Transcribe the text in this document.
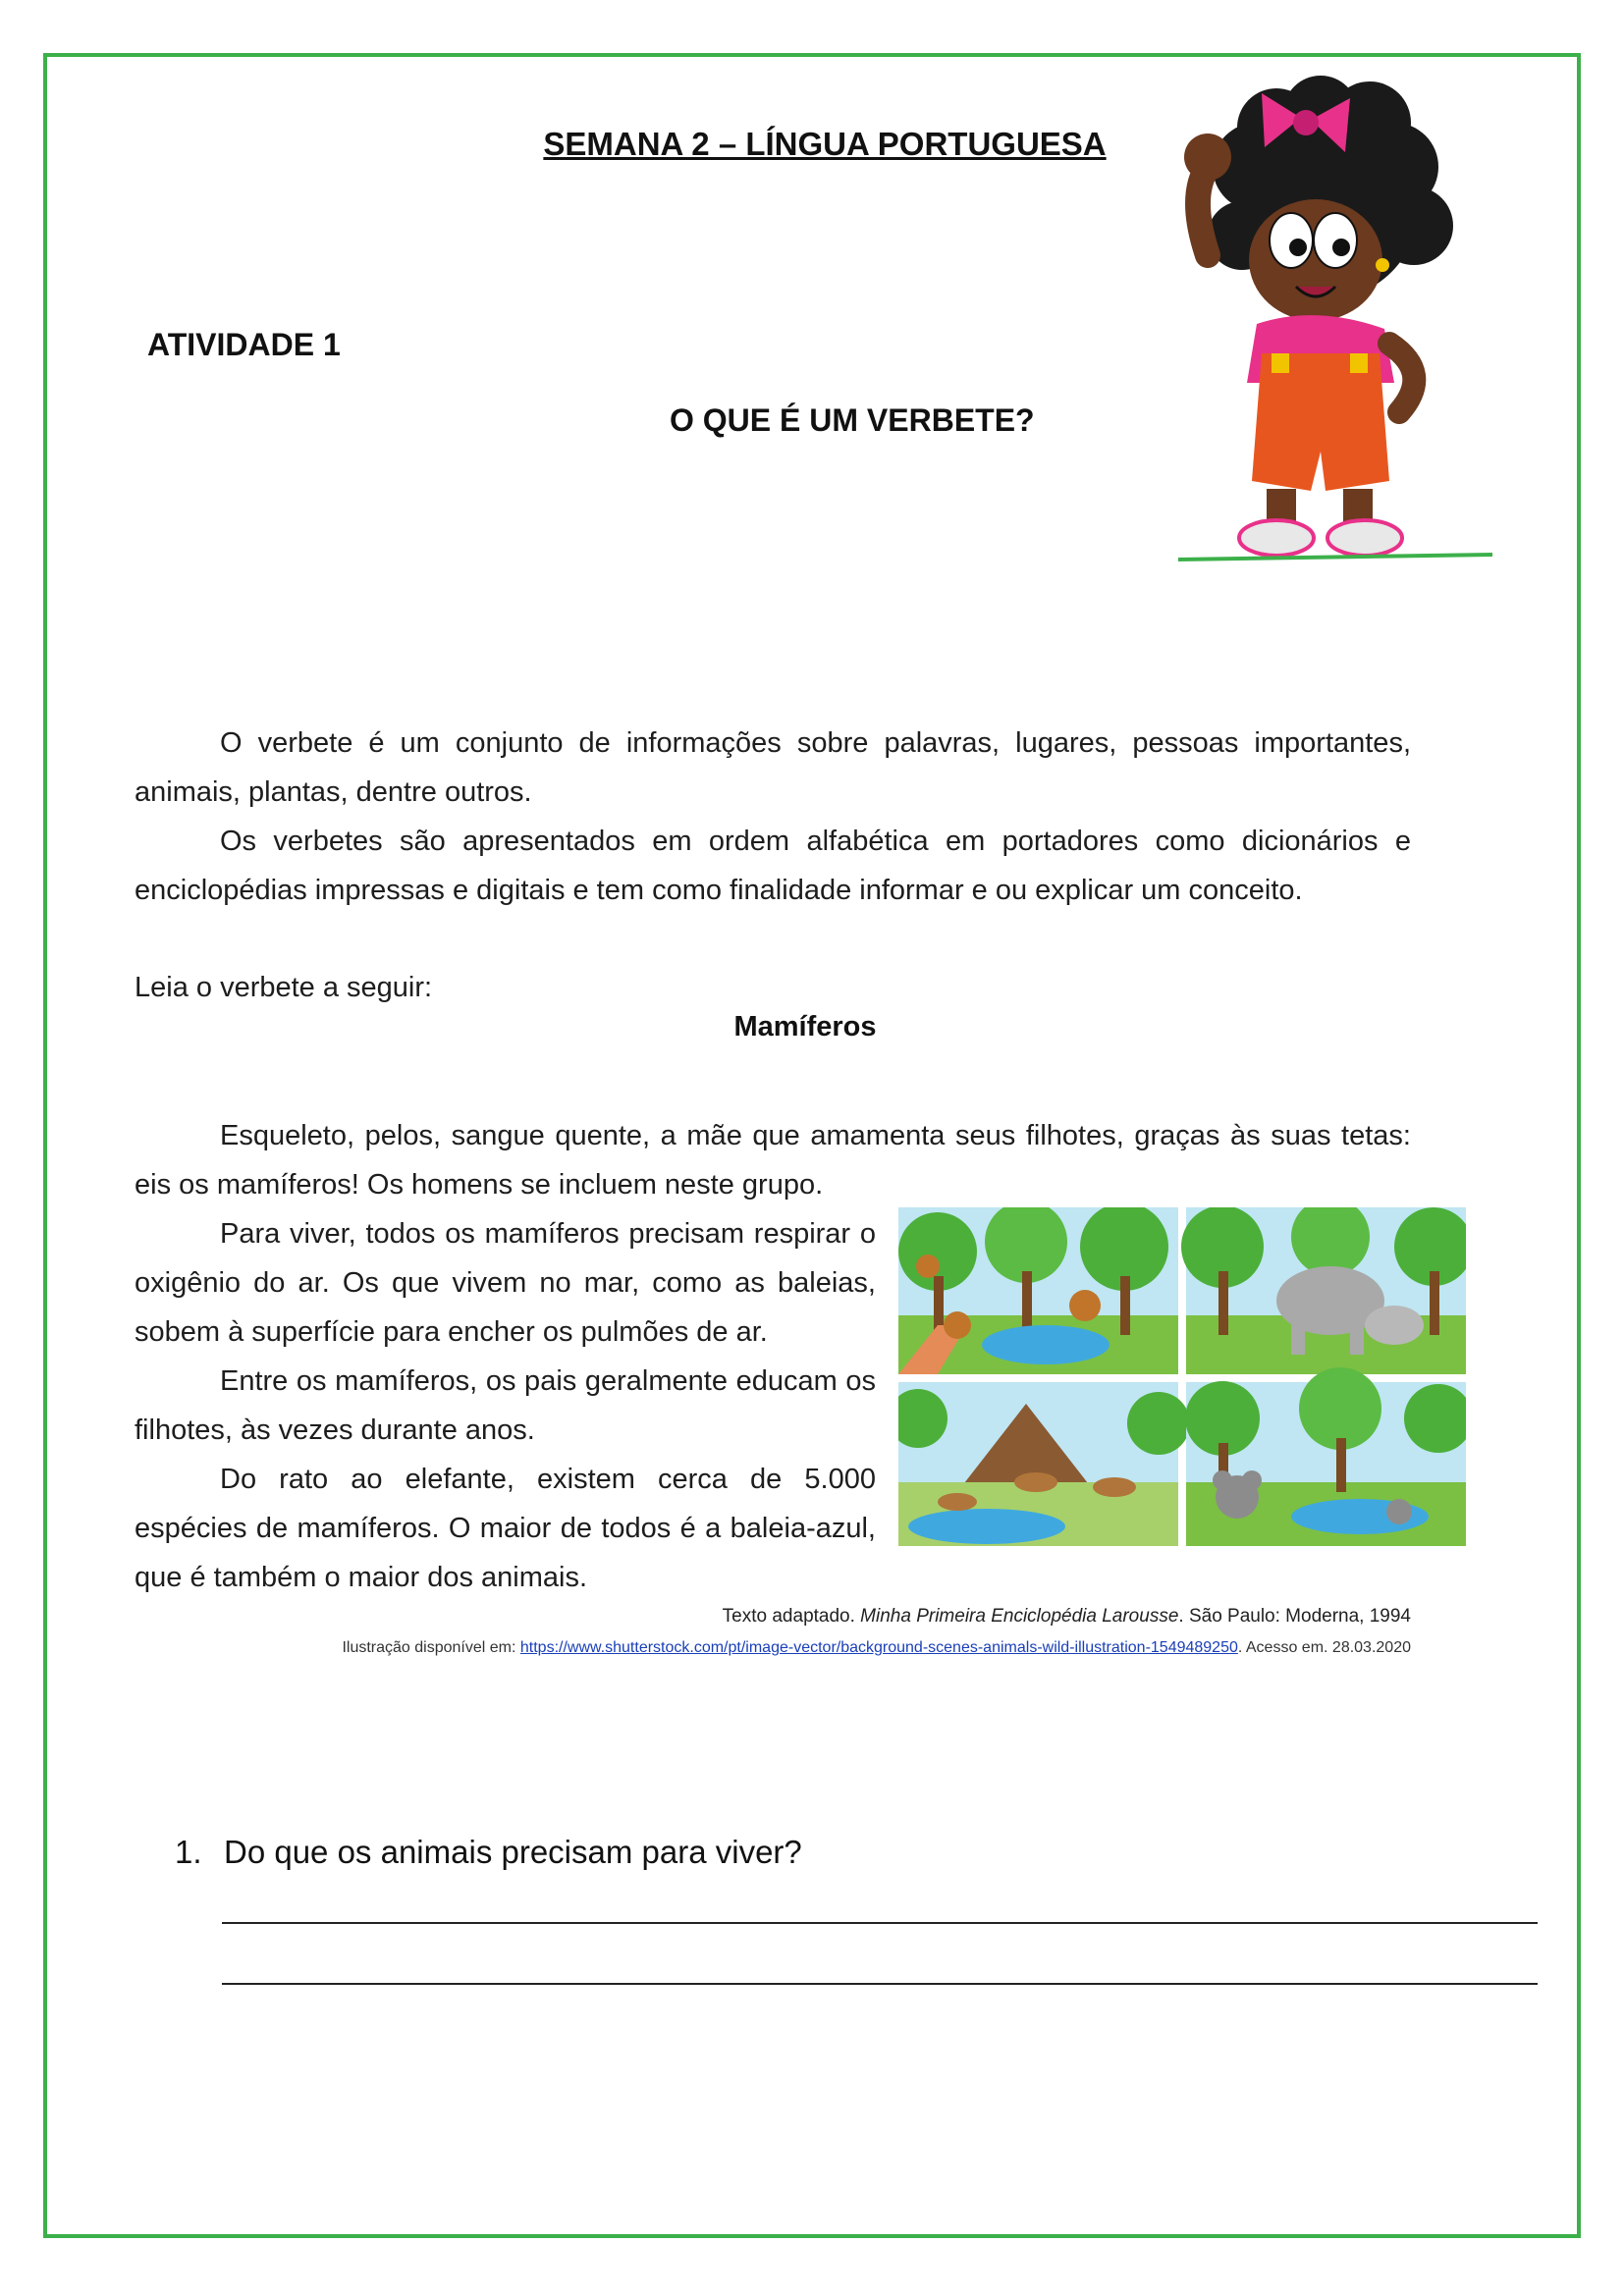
SEMANA 2 – LÍNGUA PORTUGUESA
ATIVIDADE 1
O QUE É UM VERBETE?
O verbete é um conjunto de informações sobre palavras, lugares, pessoas importantes, animais, plantas, dentre outros.
Os verbetes são apresentados em ordem alfabética em portadores como dicionários e enciclopédias impressas e digitais e tem como finalidade informar e ou explicar um conceito.
Leia o verbete a seguir:
Mamíferos
Esqueleto, pelos, sangue quente, a mãe que amamenta seus filhotes, graças às suas tetas: eis os mamíferos! Os homens se incluem neste grupo.
Para viver, todos os mamíferos precisam respirar o oxigênio do ar. Os que vivem no mar, como as baleias, sobem à superfície para encher os pulmões de ar.
Entre os mamíferos, os pais geralmente educam os filhotes, às vezes durante anos.
Do rato ao elefante, existem cerca de 5.000 espécies de mamíferos. O maior de todos é a baleia-azul, que é também o maior dos animais.
Texto adaptado. Minha Primeira Enciclopédia Larousse. São Paulo: Moderna, 1994
Ilustração disponível em: https://www.shutterstock.com/pt/image-vector/background-scenes-animals-wild-illustration-1549489250. Acesso em. 28.03.2020
1. Do que os animais precisam para viver?
